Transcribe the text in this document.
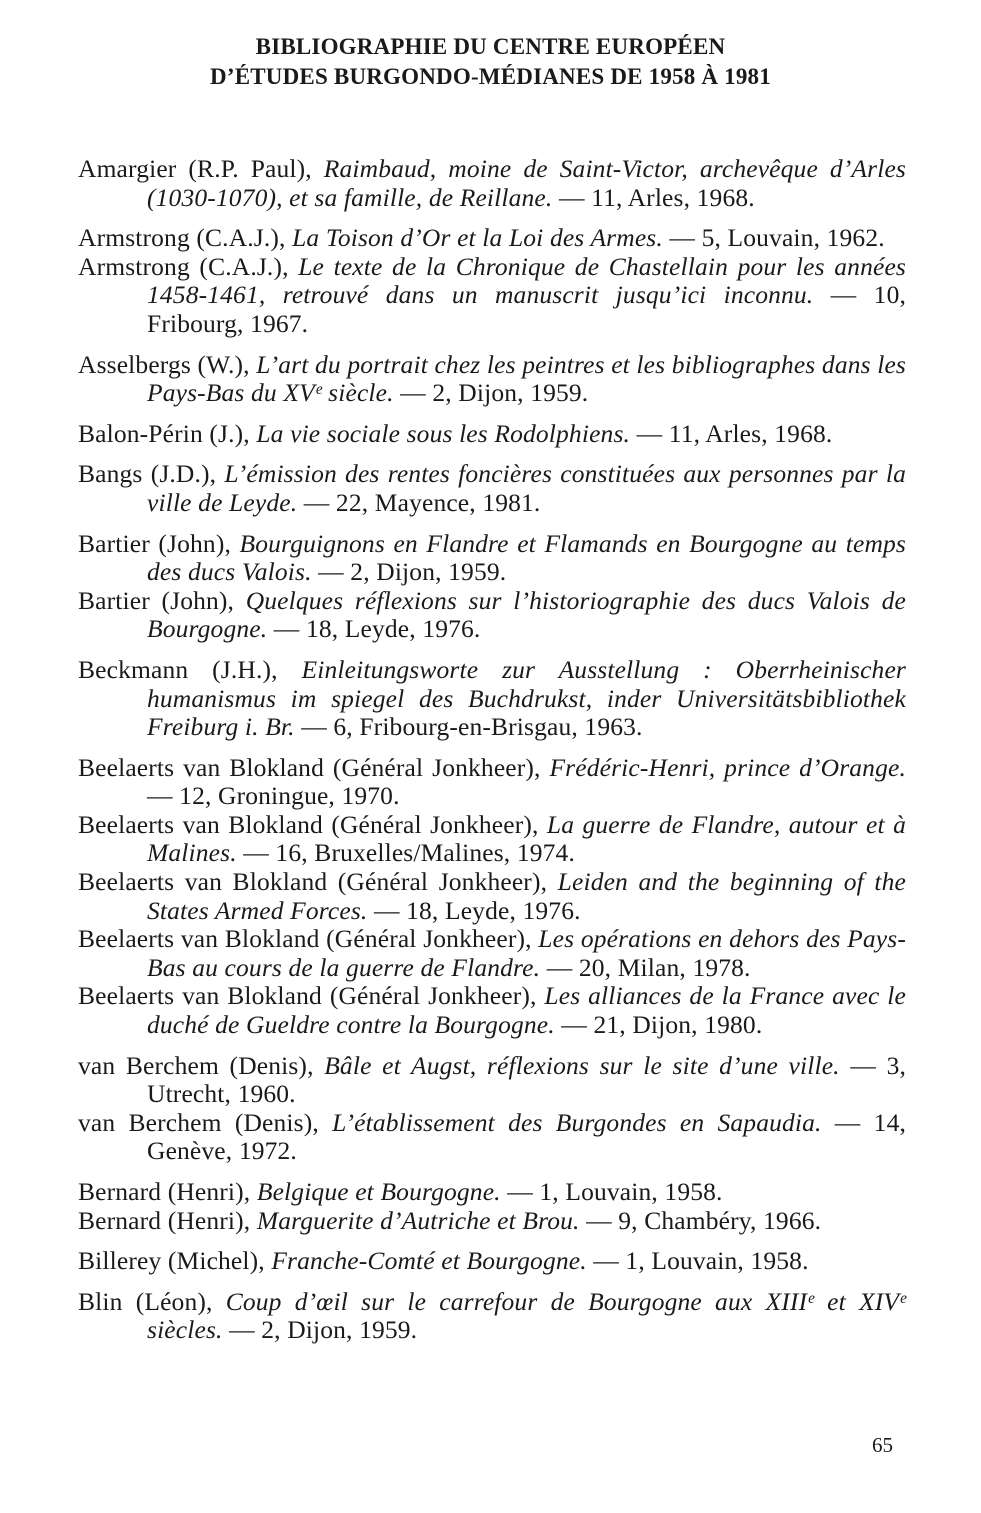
BIBLIOGRAPHIE DU CENTRE EUROPÉEN
D’ÉTUDES BURGONDO-MÉDIANES DE 1958 À 1981
Amargier (R.P. Paul), Raimbaud, moine de Saint-Victor, archevêque d’Arles (1030-1070), et sa famille, de Reillane. — 11, Arles, 1968.
Armstrong (C.A.J.), La Toison d’Or et la Loi des Armes. — 5, Louvain, 1962.
Armstrong (C.A.J.), Le texte de la Chronique de Chastellain pour les années 1458-1461, retrouvé dans un manuscrit jusqu’ici inconnu. — 10, Fribourg, 1967.
Asselbergs (W.), L’art du portrait chez les peintres et les bibliographes dans les Pays-Bas du XVᵉ siècle. — 2, Dijon, 1959.
Balon-Périn (J.), La vie sociale sous les Rodolphiens. — 11, Arles, 1968.
Bangs (J.D.), L’émission des rentes foncières constituées aux personnes par la ville de Leyde. — 22, Mayence, 1981.
Bartier (John), Bourguignons en Flandre et Flamands en Bourgogne au temps des ducs Valois. — 2, Dijon, 1959.
Bartier (John), Quelques réflexions sur l’historiographie des ducs Valois de Bourgogne. — 18, Leyde, 1976.
Beckmann (J.H.), Einleitungsworte zur Ausstellung : Oberrheinischer humanismus im spiegel des Buchdrukst, inder Universitätsbibliothek Freiburg i. Br. — 6, Fribourg-en-Brisgau, 1963.
Beelaerts van Blokland (Général Jonkheer), Frédéric-Henri, prince d’Orange. — 12, Groningue, 1970.
Beelaerts van Blokland (Général Jonkheer), La guerre de Flandre, autour et à Malines. — 16, Bruxelles/Malines, 1974.
Beelaerts van Blokland (Général Jonkheer), Leiden and the beginning of the States Armed Forces. — 18, Leyde, 1976.
Beelaerts van Blokland (Général Jonkheer), Les opérations en dehors des Pays-Bas au cours de la guerre de Flandre. — 20, Milan, 1978.
Beelaerts van Blokland (Général Jonkheer), Les alliances de la France avec le duché de Gueldre contre la Bourgogne. — 21, Dijon, 1980.
van Berchem (Denis), Bâle et Augst, réflexions sur le site d’une ville. — 3, Utrecht, 1960.
van Berchem (Denis), L’établissement des Burgondes en Sapaudia. — 14, Genève, 1972.
Bernard (Henri), Belgique et Bourgogne. — 1, Louvain, 1958.
Bernard (Henri), Marguerite d’Autriche et Brou. — 9, Chambéry, 1966.
Billerey (Michel), Franche-Comté et Bourgogne. — 1, Louvain, 1958.
Blin (Léon), Coup d’œil sur le carrefour de Bourgogne aux XIIIᵉ et XIVᵉ siècles. — 2, Dijon, 1959.
65
